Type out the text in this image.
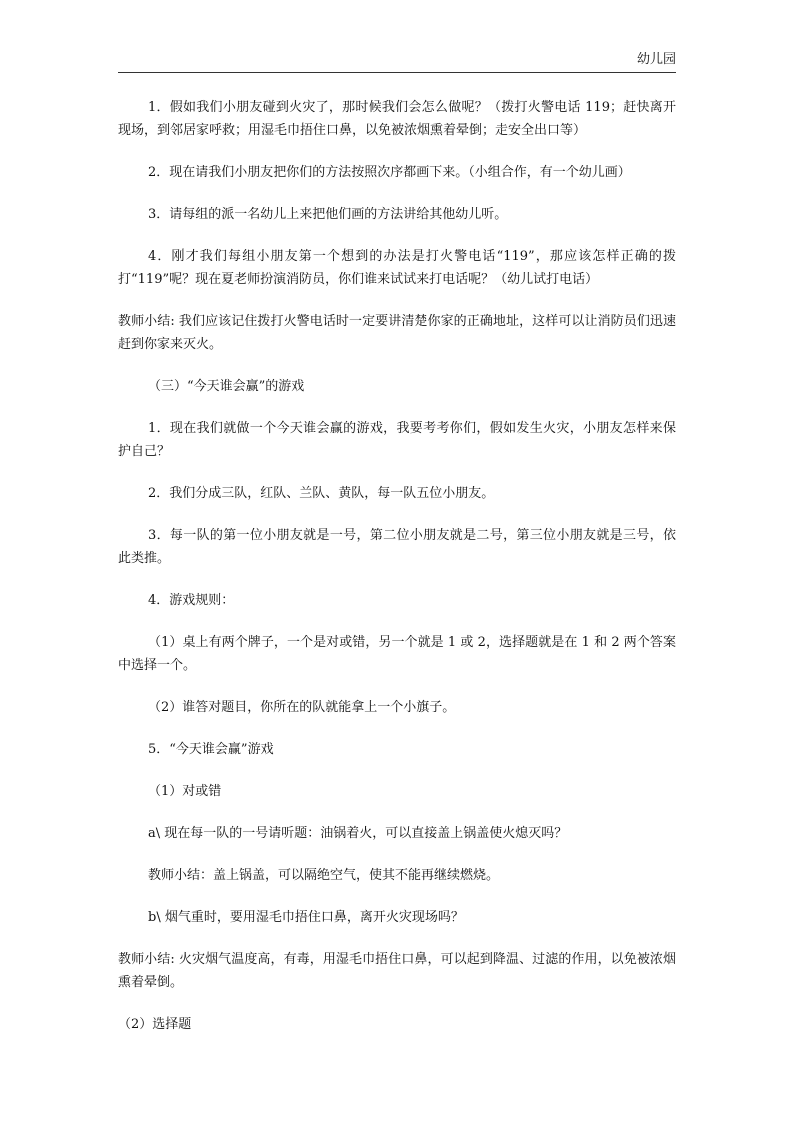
幼儿园

1．假如我们小朋友碰到火灾了，那时候我们会怎么做呢？（拨打火警电话 119；赶快离开现场，到邻居家呼救；用湿毛巾捂住口鼻，以免被浓烟熏着晕倒；走安全出口等）

2．现在请我们小朋友把你们的方法按照次序都画下来。（小组合作，有一个幼儿画）

3．请每组的派一名幼儿上来把他们画的方法讲给其他幼儿听。

4．刚才我们每组小朋友第一个想到的办法是打火警电话“119”，那应该怎样正确的拨打“119”呢？现在夏老师扮演消防员，你们谁来试试来打电话呢？（幼儿试打电话）

教师小结: 我们应该记住拨打火警电话时一定要讲清楚你家的正确地址，这样可以让消防员们迅速赶到你家来灭火。

（三）“今天谁会赢”的游戏

1．现在我们就做一个今天谁会赢的游戏，我要考考你们，假如发生火灾，小朋友怎样来保护自己？

2．我们分成三队，红队、兰队、黄队，每一队五位小朋友。

3．每一队的第一位小朋友就是一号，第二位小朋友就是二号，第三位小朋友就是三号，依此类推。

4．游戏规则：

（1）桌上有两个牌子，一个是对或错，另一个就是 1 或 2，选择题就是在 1 和 2 两个答案中选择一个。

（2）谁答对题目，你所在的队就能拿上一个小旗子。

5．“今天谁会赢”游戏

（1）对或错

a\ 现在每一队的一号请听题：油锅着火，可以直接盖上锅盖使火熄灭吗？

教师小结：盖上锅盖，可以隔绝空气，使其不能再继续燃烧。

b\ 烟气重时，要用湿毛巾捂住口鼻，离开火灾现场吗？

教师小结: 火灾烟气温度高，有毒，用湿毛巾捂住口鼻，可以起到降温、过滤的作用，以免被浓烟熏着晕倒。

（2）选择题
